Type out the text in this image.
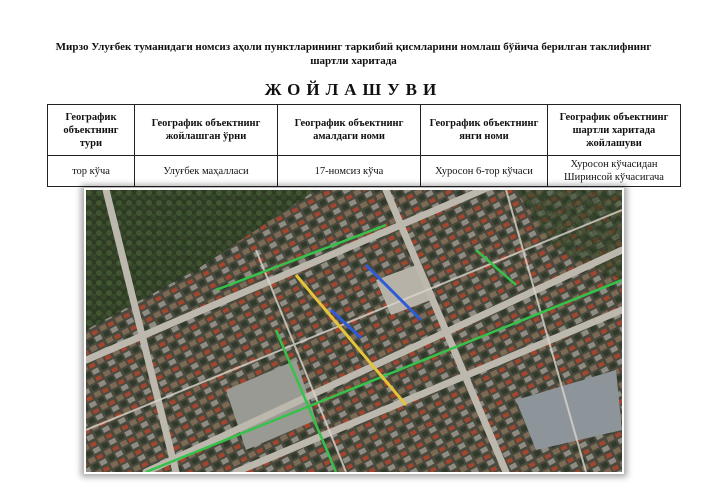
Мирзо Улуғбек туманидаги номсиз аҳоли пунктларининг таркибий қисмларини номлаш бўйича берилган таклифнинг
шартли харитада
ЖОЙЛАШУВИ
Географик объектнинг тури	Географик объектнинг жойлашган ўрни	Географик объектнинг амалдаги номи	Географик объектнинг янги номи	Географик объектнинг шартли харитада жойлашуви
тор кўча	Улуғбек маҳалласи	17-номсиз кўча	Хуросон 6-тор кўчаси	Хуросон кўчасидан Ширинсой кўчасигача
